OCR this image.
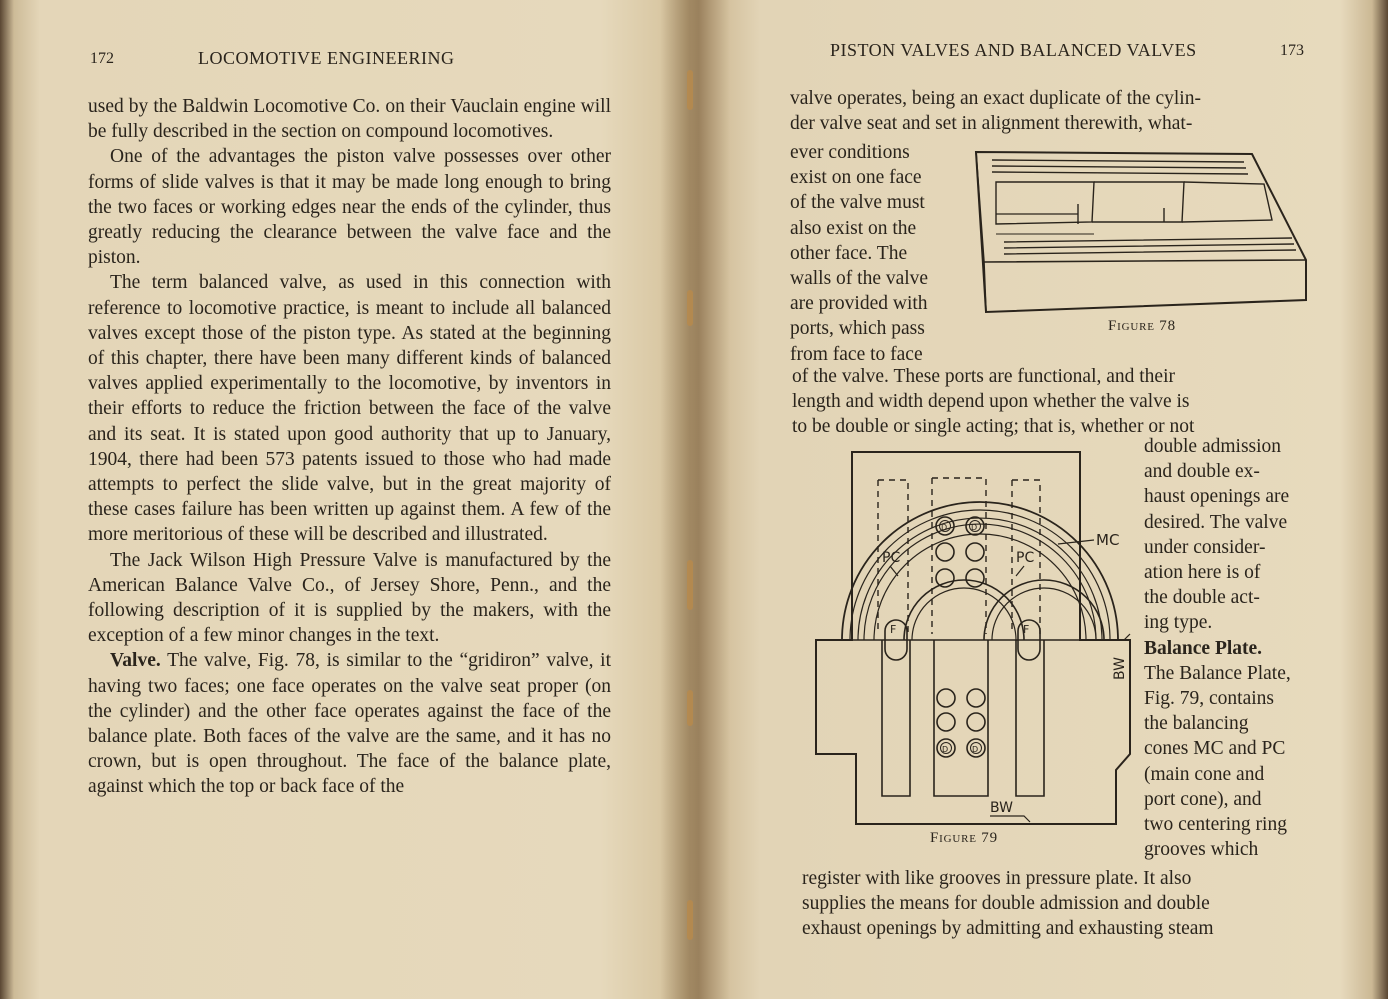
172	LOCOMOTIVE ENGINEERING

used by the Baldwin Locomotive Co. on their Vauclain engine will be fully described in the section on compound locomotives.

One of the advantages the piston valve possesses over other forms of slide valves is that it may be made long enough to bring the two faces or working edges near the ends of the cylinder, thus greatly reducing the clearance between the valve face and the piston.

The term balanced valve, as used in this connection with reference to locomotive practice, is meant to include all balanced valves except those of the piston type. As stated at the beginning of this chapter, there have been many different kinds of balanced valves applied experimentally to the locomotive, by inventors in their efforts to reduce the friction between the face of the valve and its seat. It is stated upon good authority that up to January, 1904, there had been 573 patents issued to those who had made attempts to perfect the slide valve, but in the great majority of these cases failure has been written up against them. A few of the more meritorious of these will be described and illustrated.

The Jack Wilson High Pressure Valve is manufactured by the American Balance Valve Co., of Jersey Shore, Penn., and the following description of it is supplied by the makers, with the exception of a few minor changes in the text.

Valve. The valve, Fig. 78, is similar to the “gridiron” valve, it having two faces; one face operates on the valve seat proper (on the cylinder) and the other face operates against the face of the balance plate. Both faces of the valve are the same, and it has no crown, but is open throughout. The face of the balance plate, against which the top or back face of the

PISTON VALVES AND BALANCED VALVES	173
valve operates, being an exact duplicate of the cylin-
der valve seat and set in alignment therewith, what-
ever conditions
exist on one face
of the valve must
also exist on the
other face. The
walls of the valve
are provided with
ports, which pass
from face to face
Figure 78
of the valve. These ports are functional, and their
length and width depend upon whether the valve is
to be double or single acting; that is, whether or not
MC
PC	PC
F	F
D	D
D	D
BW
BW
Figure 79
double admission
and double ex-
haust openings are
desired. The valve
under consider-
ation here is of
the double act-
ing type.
Balance Plate.
The Balance Plate,
Fig. 79, contains
the balancing
cones MC and PC
(main cone and
port cone), and
two centering ring
grooves which
register with like grooves in pressure plate. It also
supplies the means for double admission and double
exhaust openings by admitting and exhausting steam
